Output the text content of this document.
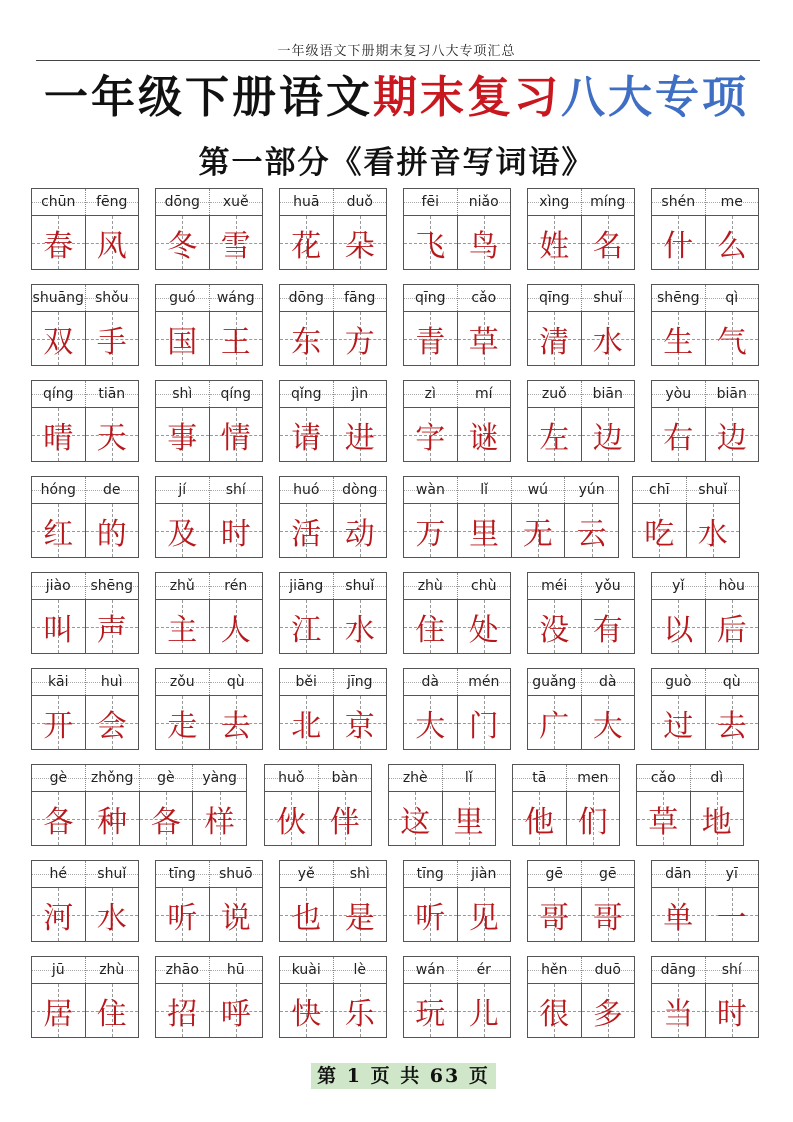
一年级语文下册期末复习八大专项汇总
一年级下册语文期末复习八大专项
第一部分《看拼音写词语》
chūn fēng
春 风
dōng xuě
冬 雪
huā duǒ
花 朵
fēi niǎo
飞 鸟
xìng míng
姓 名
shén me
什 么
shuāng shǒu
双 手
guó wáng
国 王
dōng fāng
东 方
qīng cǎo
青 草
qīng shuǐ
清 水
shēng qì
生 气
qíng tiān
晴 天
shì qíng
事 情
qǐng jìn
请 进
zì	mí
字 谜
zuǒ biān
左 边
yòu biān
右 边
hóng de
红 的
jí	shí
及 时
huó dòng
活 动
wàn	lǐ	wú yún
万 里 无 云
chī shuǐ
吃 水
jiào shēng
叫 声
zhǔ rén
主 人
jiāng shuǐ
江 水
zhù chù
住 处
méi yǒu
没 有
yǐ hòu
以 后
kāi huì
开 会
zǒu qù
走 去
běi jīng
北 京
dà mén
大 门
guǎng dà
广 大
guò qù
过 去
gè zhǒng gè yàng
各 种 各 样
huǒ bàn
伙 伴
zhè	lǐ
这 里
tā men
他 们
cǎo dì
草 地
hé shuǐ
河 水
tīng shuō
听 说
yě	shì
也 是
tīng jiàn
听 见
gē	gē
哥 哥
dān yī
单 一
jū zhù
居 住
zhāo hū
招 呼
kuài lè
快 乐
wán ér
玩 儿
hěn duō
很 多
dāng shí
当 时
第 1 页 共 63 页
